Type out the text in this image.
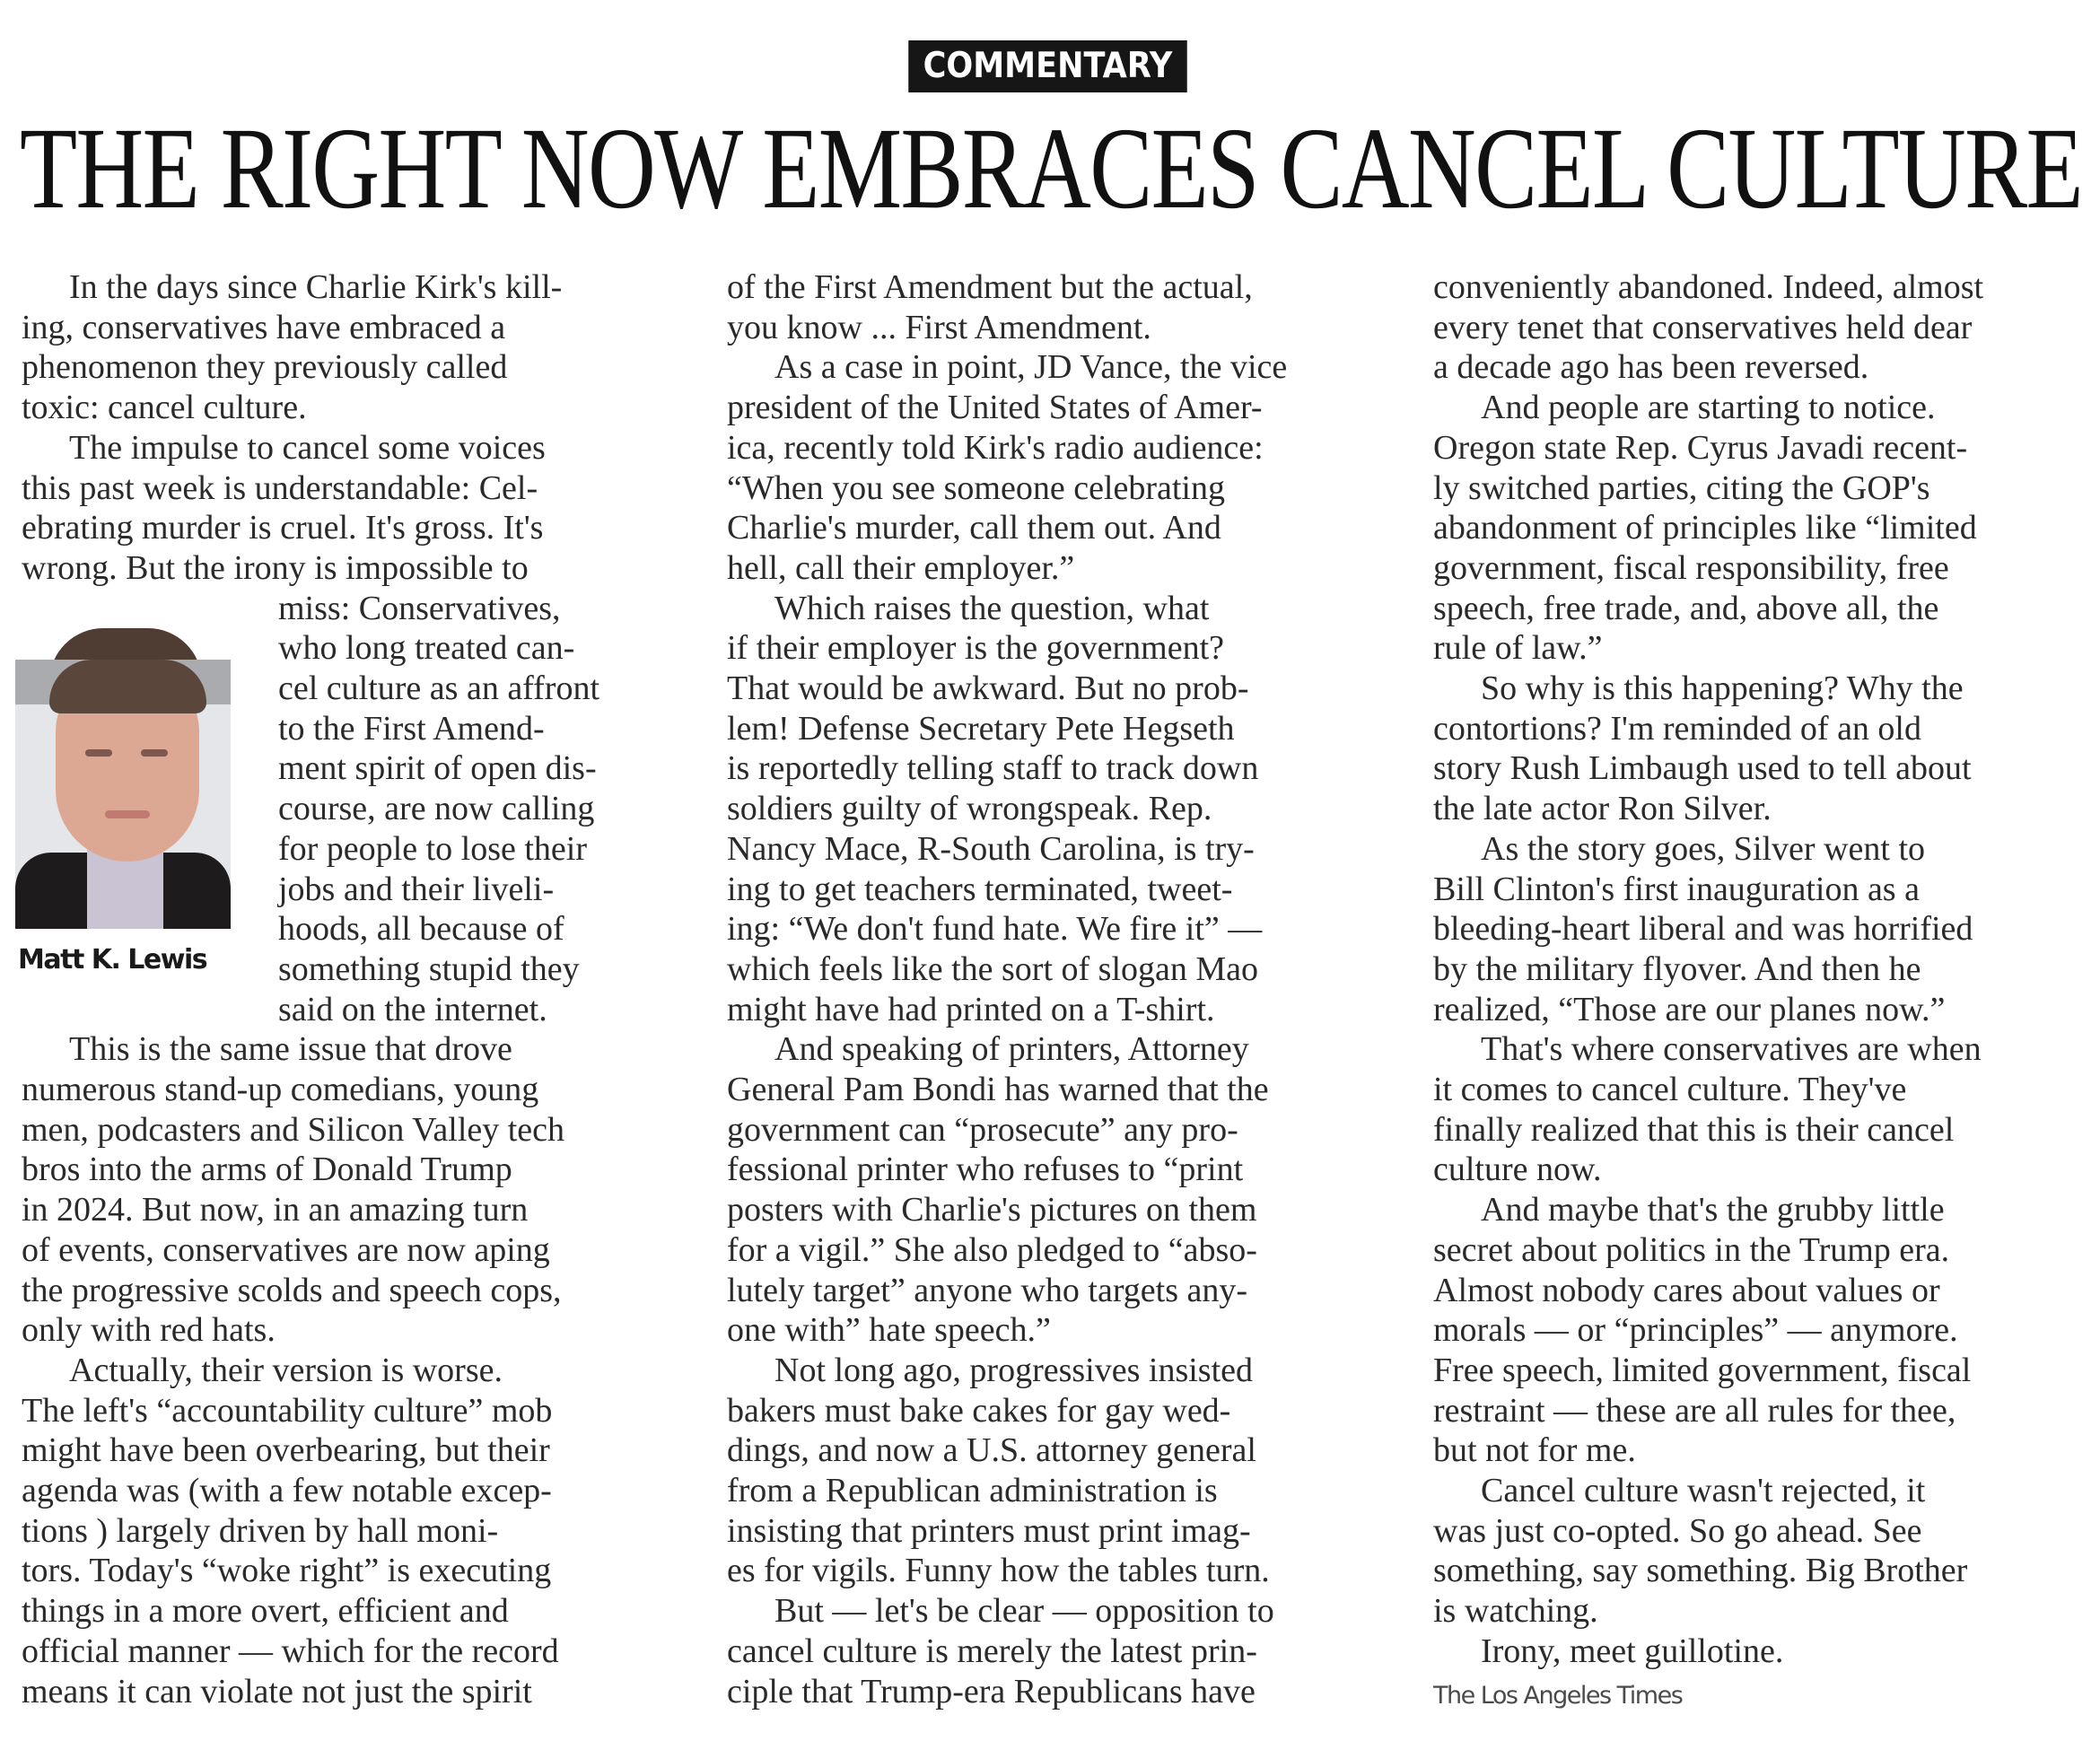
COMMENTARY
THE RIGHT NOW EMBRACES CANCEL CULTURE
Matt K. Lewis
In the days since Charlie Kirk's kill-
ing, conservatives have embraced a
phenomenon they previously called
toxic: cancel culture.
The impulse to cancel some voices
this past week is understandable: Cel-
ebrating murder is cruel. It's gross. It's
wrong. But the irony is impossible to
miss: Conservatives,
who long treated can-
cel culture as an affront
to the First Amend-
ment spirit of open dis-
course, are now calling
for people to lose their
jobs and their liveli-
hoods, all because of
something stupid they
said on the internet.
This is the same issue that drove
numerous stand-up comedians, young
men, podcasters and Silicon Valley tech
bros into the arms of Donald Trump
in 2024. But now, in an amazing turn
of events, conservatives are now aping
the progressive scolds and speech cops,
only with red hats.
Actually, their version is worse.
The left's “accountability culture” mob
might have been overbearing, but their
agenda was (with a few notable excep-
tions ) largely driven by hall moni-
tors. Today's “woke right” is executing
things in a more overt, efficient and
official manner — which for the record
means it can violate not just the spirit
of the First Amendment but the actual,
you know ... First Amendment.
As a case in point, JD Vance, the vice
president of the United States of Amer-
ica, recently told Kirk's radio audience:
“When you see someone celebrating
Charlie's murder, call them out. And
hell, call their employer.”
Which raises the question, what
if their employer is the government?
That would be awkward. But no prob-
lem! Defense Secretary Pete Hegseth
is reportedly telling staff to track down
soldiers guilty of wrongspeak. Rep.
Nancy Mace, R-South Carolina, is try-
ing to get teachers terminated, tweet-
ing: “We don't fund hate. We fire it” —
which feels like the sort of slogan Mao
might have had printed on a T-shirt.
And speaking of printers, Attorney
General Pam Bondi has warned that the
government can “prosecute” any pro-
fessional printer who refuses to “print
posters with Charlie's pictures on them
for a vigil.” She also pledged to “abso-
lutely target” anyone who targets any-
one with” hate speech.”
Not long ago, progressives insisted
bakers must bake cakes for gay wed-
dings, and now a U.S. attorney general
from a Republican administration is
insisting that printers must print imag-
es for vigils. Funny how the tables turn.
But — let's be clear — opposition to
cancel culture is merely the latest prin-
ciple that Trump-era Republicans have
conveniently abandoned. Indeed, almost
every tenet that conservatives held dear
a decade ago has been reversed.
And people are starting to notice.
Oregon state Rep. Cyrus Javadi recent-
ly switched parties, citing the GOP's
abandonment of principles like “limited
government, fiscal responsibility, free
speech, free trade, and, above all, the
rule of law.”
So why is this happening? Why the
contortions? I'm reminded of an old
story Rush Limbaugh used to tell about
the late actor Ron Silver.
As the story goes, Silver went to
Bill Clinton's first inauguration as a
bleeding-heart liberal and was horrified
by the military flyover. And then he
realized, “Those are our planes now.”
That's where conservatives are when
it comes to cancel culture. They've
finally realized that this is their cancel
culture now.
And maybe that's the grubby little
secret about politics in the Trump era.
Almost nobody cares about values or
morals — or “principles” — anymore.
Free speech, limited government, fiscal
restraint — these are all rules for thee,
but not for me.
Cancel culture wasn't rejected, it
was just co-opted. So go ahead. See
something, say something. Big Brother
is watching.
Irony, meet guillotine.
The Los Angeles Times
